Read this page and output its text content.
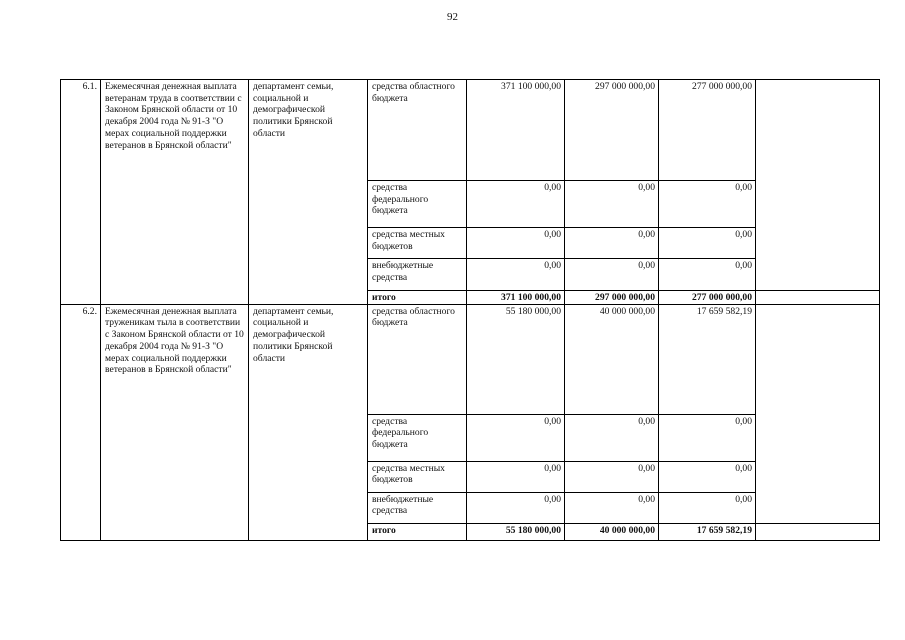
92
6.1.	Ежемесячная денежная выплата ветеранам труда в соответствии с Законом Брянской области от 10 декабря 2004 года № 91-З "О мерах социальной поддержки ветеранов в Брянской области"	департамент семьи, социальной и демографической политики Брянской области	средства областного бюджета	371 100 000,00	297 000 000,00	277 000 000,00	
			средства федерального бюджета	0,00	0,00	0,00	
			средства местных бюджетов	0,00	0,00	0,00	
			внебюджетные средства	0,00	0,00	0,00	
			итого	371 100 000,00	297 000 000,00	277 000 000,00	
6.2.	Ежемесячная денежная выплата труженикам тыла в соответствии с Законом Брянской области от 10 декабря 2004 года № 91-З "О мерах социальной поддержки ветеранов в Брянской области"	департамент семьи, социальной и демографической политики Брянской области	средства областного бюджета	55 180 000,00	40 000 000,00	17 659 582,19	
			средства федерального бюджета	0,00	0,00	0,00	
			средства местных бюджетов	0,00	0,00	0,00	
			внебюджетные средства	0,00	0,00	0,00	
			итого	55 180 000,00	40 000 000,00	17 659 582,19	
